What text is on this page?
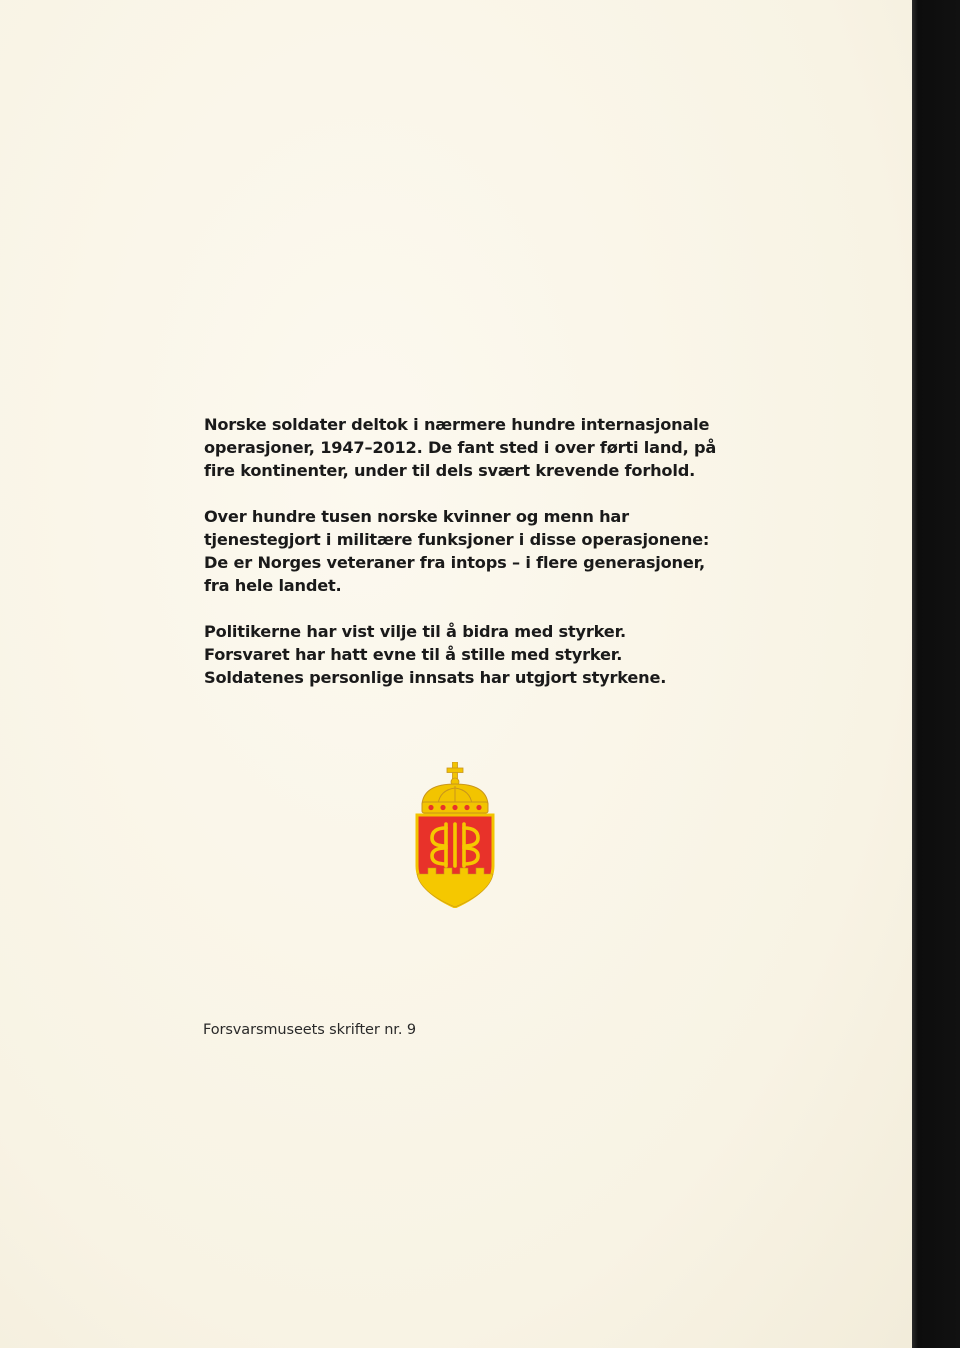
Norske soldater deltok i nærmere hundre internasjonale operasjoner, 1947–2012. De fant sted i over førti land, på fire kontinenter, under til dels svært krevende forhold.

Over hundre tusen norske kvinner og menn har tjenestegjort i militære funksjoner i disse operasjonene: De er Norges veteraner fra intops – i flere generasjoner, fra hele landet.

Politikerne har vist vilje til å bidra med styrker.
Forsvaret har hatt evne til å stille med styrker.
Soldatenes personlige innsats har utgjort styrkene.

Forsvarsmuseets skrifter nr. 9
